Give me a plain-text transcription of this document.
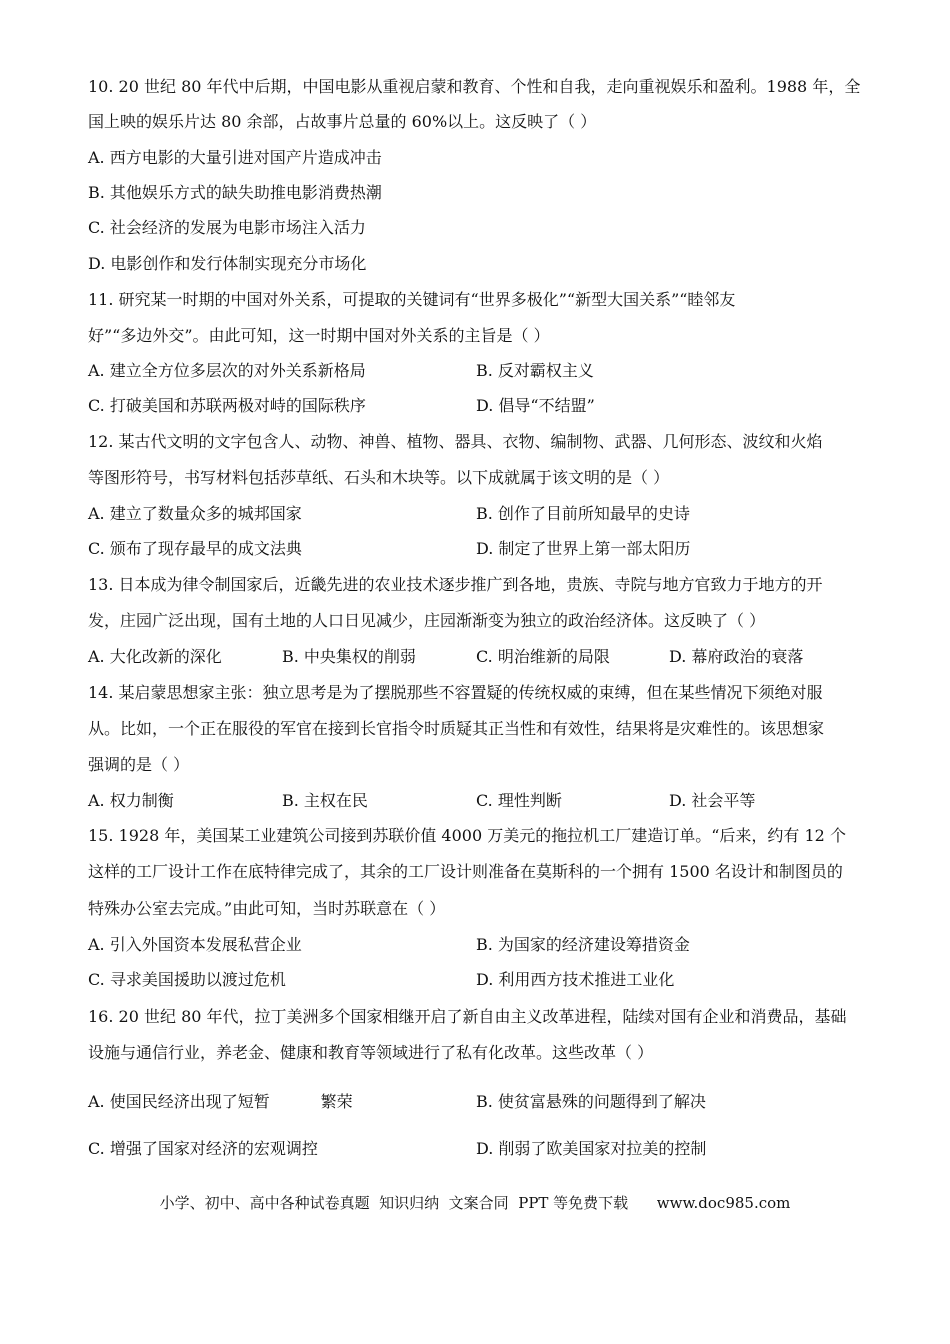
10. 20 世纪 80 年代中后期，中国电影从重视启蒙和教育、个性和自我，走向重视娱乐和盈利。1988 年，全
国上映的娱乐片达 80 余部，占故事片总量的 60%以上。这反映了（ ）
A. 西方电影的大量引进对国产片造成冲击
B. 其他娱乐方式的缺失助推电影消费热潮
C. 社会经济的发展为电影市场注入活力
D. 电影创作和发行体制实现充分市场化
11. 研究某一时期的中国对外关系，可提取的关键词有“世界多极化”“新型大国关系”“睦邻友
好”“多边外交”。由此可知，这一时期中国对外关系的主旨是（ ）
A. 建立全方位多层次的对外关系新格局	B. 反对霸权主义
C. 打破美国和苏联两极对峙的国际秩序	D. 倡导“不结盟”
12. 某古代文明的文字包含人、动物、神兽、植物、器具、衣物、编制物、武器、几何形态、波纹和火焰
等图形符号，书写材料包括莎草纸、石头和木块等。以下成就属于该文明的是（ ）
A. 建立了数量众多的城邦国家	B. 创作了目前所知最早的史诗
C. 颁布了现存最早的成文法典	D. 制定了世界上第一部太阳历
13. 日本成为律令制国家后，近畿先进的农业技术逐步推广到各地，贵族、寺院与地方官致力于地方的开
发，庄园广泛出现，国有土地的人口日见减少，庄园渐渐变为独立的政治经济体。这反映了（ ）
A. 大化改新的深化	B. 中央集权的削弱	C. 明治维新的局限	D. 幕府政治的衰落
14. 某启蒙思想家主张：独立思考是为了摆脱那些不容置疑的传统权威的束缚，但在某些情况下须绝对服
从。比如，一个正在服役的军官在接到长官指令时质疑其正当性和有效性，结果将是灾难性的。该思想家
强调的是（ ）
A. 权力制衡	B. 主权在民	C. 理性判断	D. 社会平等
15. 1928 年，美国某工业建筑公司接到苏联价值 4000 万美元的拖拉机工厂建造订单。“后来，约有 12 个
这样的工厂设计工作在底特律完成了，其余的工厂设计则准备在莫斯科的一个拥有 1500 名设计和制图员的
特殊办公室去完成。”由此可知，当时苏联意在（ ）
A. 引入外国资本发展私营企业	B. 为国家的经济建设筹措资金
C. 寻求美国援助以渡过危机	D. 利用西方技术推进工业化
16. 20 世纪 80 年代，拉丁美洲多个国家相继开启了新自由主义改革进程，陆续对国有企业和消费品，基础
设施与通信行业，养老金、健康和教育等领域进行了私有化改革。这些改革（ ）
A. 使国民经济出现了短暂          繁荣	B. 使贫富悬殊的问题得到了解决
C. 增强了国家对经济的宏观调控	D. 削弱了欧美国家对拉美的控制
小学、初中、高中各种试卷真题  知识归纳  文案合同  PPT 等免费下载      www.doc985.com
